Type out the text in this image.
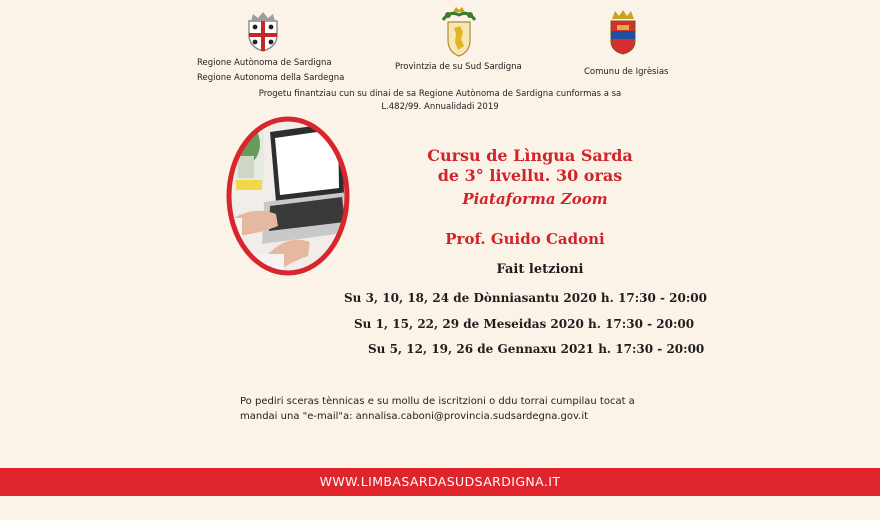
Regione Autònoma de Sardigna
Regione Autonoma della Sardegna
Provìntzia de su Sud Sardigna	Comunu de Igrèsias
Progetu finantziau cun su dinai de sa Regione Autònoma de Sardigna cunformas a sa
L.482/99. Annualidadi 2019
Cursu de Lìngua Sarda
de 3° livellu. 30 oras
Piataforma Zoom
Prof. Guido Cadoni
Fait letzioni
Su 3, 10, 18, 24 de Dònniasantu 2020 h. 17:30 - 20:00
Su 1, 15, 22, 29 de Meseidas 2020 h. 17:30 - 20:00
Su 5, 12, 19, 26 de Gennaxu 2021 h. 17:30 - 20:00
Po pediri sceras tènnicas e su mollu de iscritzioni o ddu torrai cumpilau tocat a
mandai una "e-mail"a: annalisa.caboni@provincia.sudsardegna.gov.it
WWW.LIMBASARDASUDSARDIGNA.IT
